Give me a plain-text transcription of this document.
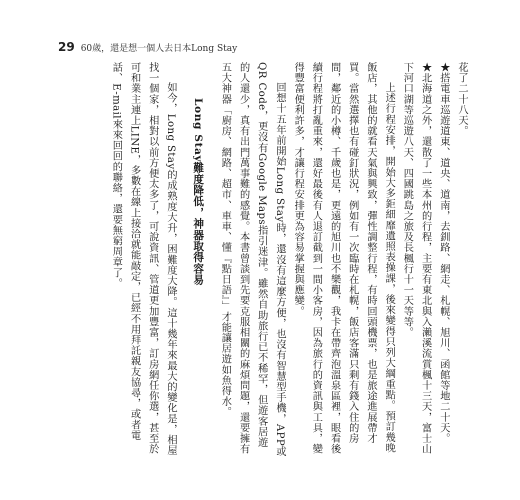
29 60歲，還是想一個人去日本Long Stay

花了二十八天。

★搭電車巡遊道東、道央、道南，去釧路、網走、札幌、旭川、函館等地二十天。

★北海道之外，還散了一些本州的行程，主要有東北與入瀨溪流賞楓十三天，富士山下河口湖等巡遊八天、四國跳島之旅及長楓行十一天等等。

上述行程安排，開始大多鉅細靡遺照表操課，後來變得只列大綱重點。預訂幾晚飯店，其他的就看天氣與興致，彈性調整行程，有時回頭機票，也是旅途進展帶才買。當然選擇也有碰釘狀況，例如有一次臨時在札幌，飯店客滿只剩有錢入住的房間，鄰近的小樽、千歲也是，更遠的旭川也不樂觀，我卡在帶齊泡溫泉區裡，眼看後續行程將打亂重來，還好最後有人退訂截到一間小客房，因為旅行的資訊與工具，變得豐富便利許多，才讓行程安排更為容易掌握與應變。

回想十五年前開始Long Stay時，還沒有這麼方便，也沒有智慧型手機，APP或QR Code，更沒有Google Maps指引迷津。雖然自助旅行已不稀罕，但遊客居遊的人還少，真有出門萬事難的感覺。本書曾談到先要克服相關的麻煩問題，還要擁有五大神器「廚房、網路、超市、車車、懂『點日語』」才能讓居遊如魚得水。

Long Stay難度降低，神器取得容易

如今，Long Stay的成熟度大升，困難度大降。這十幾年來最大的變化是，相屋找一個家，相對以前方便太多了，可說資訊、管道更加豐富，訂房網任你選，甚至於可和業主連上LINE，多數在線上接洽就能敲定，已經不用拜託親友協尋，或者電話、E-mail來來回回的聯絡，還要無窮周章了。
